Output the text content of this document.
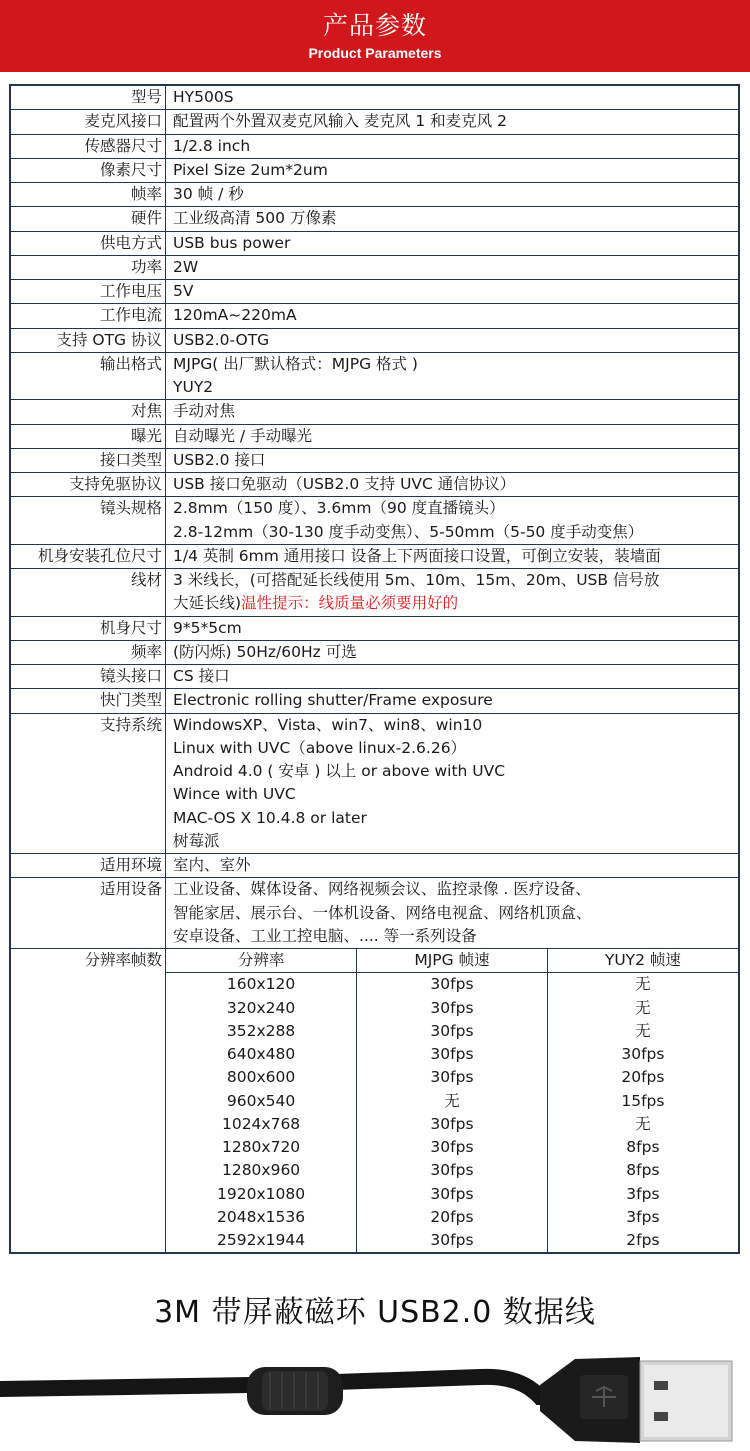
产品参数
Product Parameters
型号	HY500S

麦克风接口	配置两个外置双麦克风输入 麦克风 1 和麦克风 2

传感器尺寸	1/2.8 inch

像素尺寸	Pixel Size 2um*2um

帧率	30 帧 / 秒

硬件	工业级高清 500 万像素

供电方式	USB bus power

功率	2W

工作电压	5V

工作电流	120mA~220mA

支持 OTG 协议	USB2.0-OTG

输出格式	MJPG( 出厂默认格式：MJPG 格式 )
YUY2

对焦	手动对焦

曝光	自动曝光 / 手动曝光

接口类型	USB2.0 接口

支持免驱协议	USB 接口免驱动（USB2.0 支持 UVC 通信协议）

镜头规格	2.8mm（150 度）、3.6mm（90 度直播镜头）
2.8-12mm（30-130 度手动变焦）、5-50mm（5-50 度手动变焦）

机身安装孔位尺寸	1/4 英制 6mm 通用接口 设备上下两面接口设置，可倒立安装，装墙面

线材	3 米线长，(可搭配延长线使用 5m、10m、15m、20m、USB 信号放
大延长线)温性提示：线质量必须要用好的

机身尺寸	9*5*5cm

频率	(防闪烁) 50Hz/60Hz 可选

镜头接口	CS 接口

快门类型	Electronic rolling shutter/Frame exposure

支持系统	WindowsXP、Vista、win7、win8、win10
Linux with UVC（above linux-2.6.26）
Android 4.0 ( 安卓 ) 以上 or above with UVC
Wince with UVC
MAC-OS X 10.4.8 or later
树莓派

适用环境	室内、室外

适用设备	工业设备、媒体设备、网络视频会议、监控录像 . 医疗设备、
智能家居、展示台、一体机设备、网络电视盒、网络机顶盒、
安卓设备、工业工控电脑、.... 等一系列设备

分辨率帧数		分辨率	MJPG 帧速	YUY2 帧速
160x120	30fps	无
320x240	30fps	无
352x288	30fps	无
640x480	30fps	30fps
800x600	30fps	20fps
960x540	无	15fps
1024x768	30fps	无
1280x720	30fps	8fps
1280x960	30fps	8fps
1920x1080	30fps	3fps
2048x1536	20fps	3fps
2592x1944	30fps	2fps
3M 带屏蔽磁环 USB2.0 数据线
